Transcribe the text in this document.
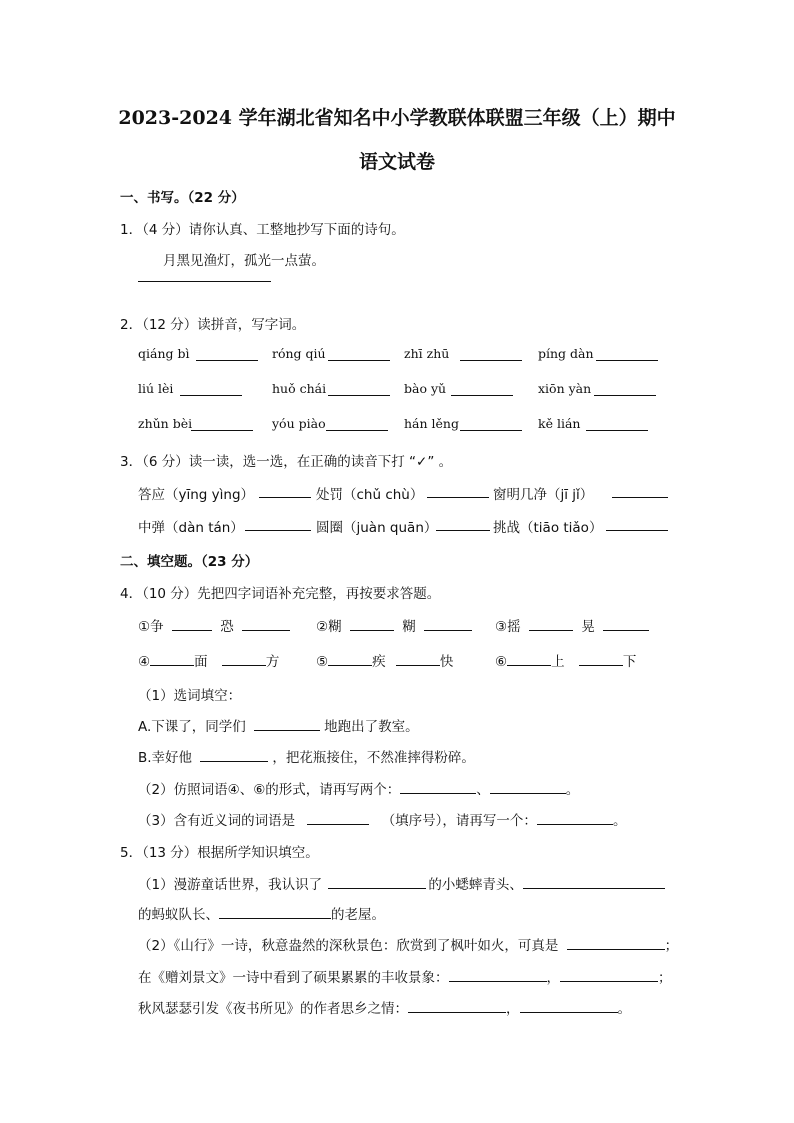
2023-2024 学年湖北省知名中小学教联体联盟三年级（上）期中
语文试卷
一、书写。（22 分）
1．（4 分）请你认真、工整地抄写下面的诗句。
月黑见渔灯，孤光一点萤。
2．（12 分）读拼音，写字词。
qiáng bì	róng qiú	zhī zhū	píng dàn
liú lèi	huǒ chái	bào yǔ	xiōn yàn
zhǔn bèi	yóu piào	hán lěng	kě lián
3．（6 分）读一读，选一选，在正确的读音下打 “✓” 。
答应（yīng yìng）	处罚（chǔ chù）	窗明几净（jī jǐ）
中弹（dàn tán）	圆圈（juàn quān）	挑战（tiāo tiǎo）
二、填空题。（23 分）
4．（10 分）先把四字词语补充完整，再按要求答题。
①争	恐	②糊	糊	③摇	晃
④	面	方	⑤	疾	快	⑥	上	下
（1）选词填空：
A.下课了，同学们	地跑出了教室。
B.幸好他	，把花瓶接住，不然准摔得粉碎。
（2）仿照词语④、⑥的形式，请再写两个：	、	。
（3）含有近义词的词语是	（填序号），请再写一个：	。
5．（13 分）根据所学知识填空。
（1）漫游童话世界，我认识了	的小蟋蟀青头、
的蚂蚁队长、	的老屋。
（2）《山行》一诗，秋意盎然的深秋景色：欣赏到了枫叶如火，可真是	；
在《赠刘景文》一诗中看到了硕果累累的丰收景象：	，	；
秋风瑟瑟引发《夜书所见》的作者思乡之情：	，	。
